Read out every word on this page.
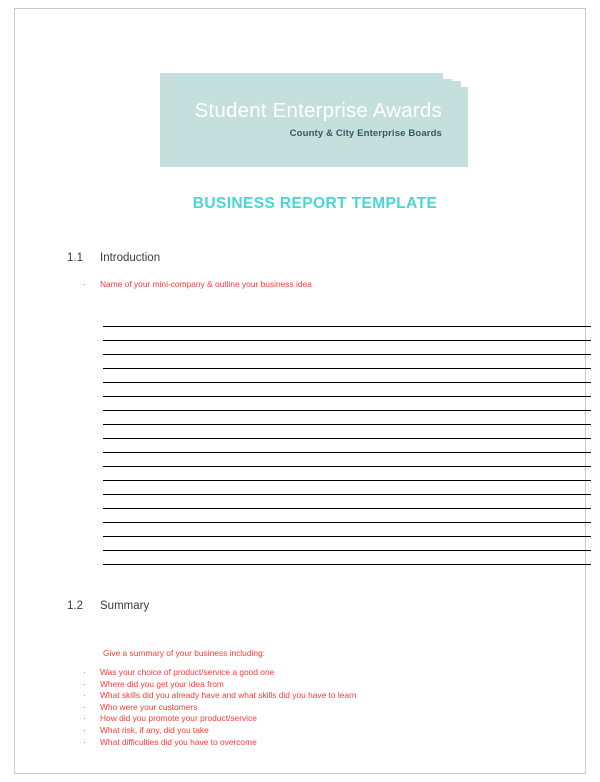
Student Enterprise Awards
County & City Enterprise Boards
BUSINESS REPORT TEMPLATE
1.1 Introduction
· Name of your mini-company & outline your business idea
1.2 Summary
Give a summary of your business including:
· Was your choice of product/service a good one
· Where did you get your idea from
· What skills did you already have and what skills did you have to learn
· Who were your customers
· How did you promote your product/service
· What risk, if any, did you take
· What difficulties did you have to overcome
